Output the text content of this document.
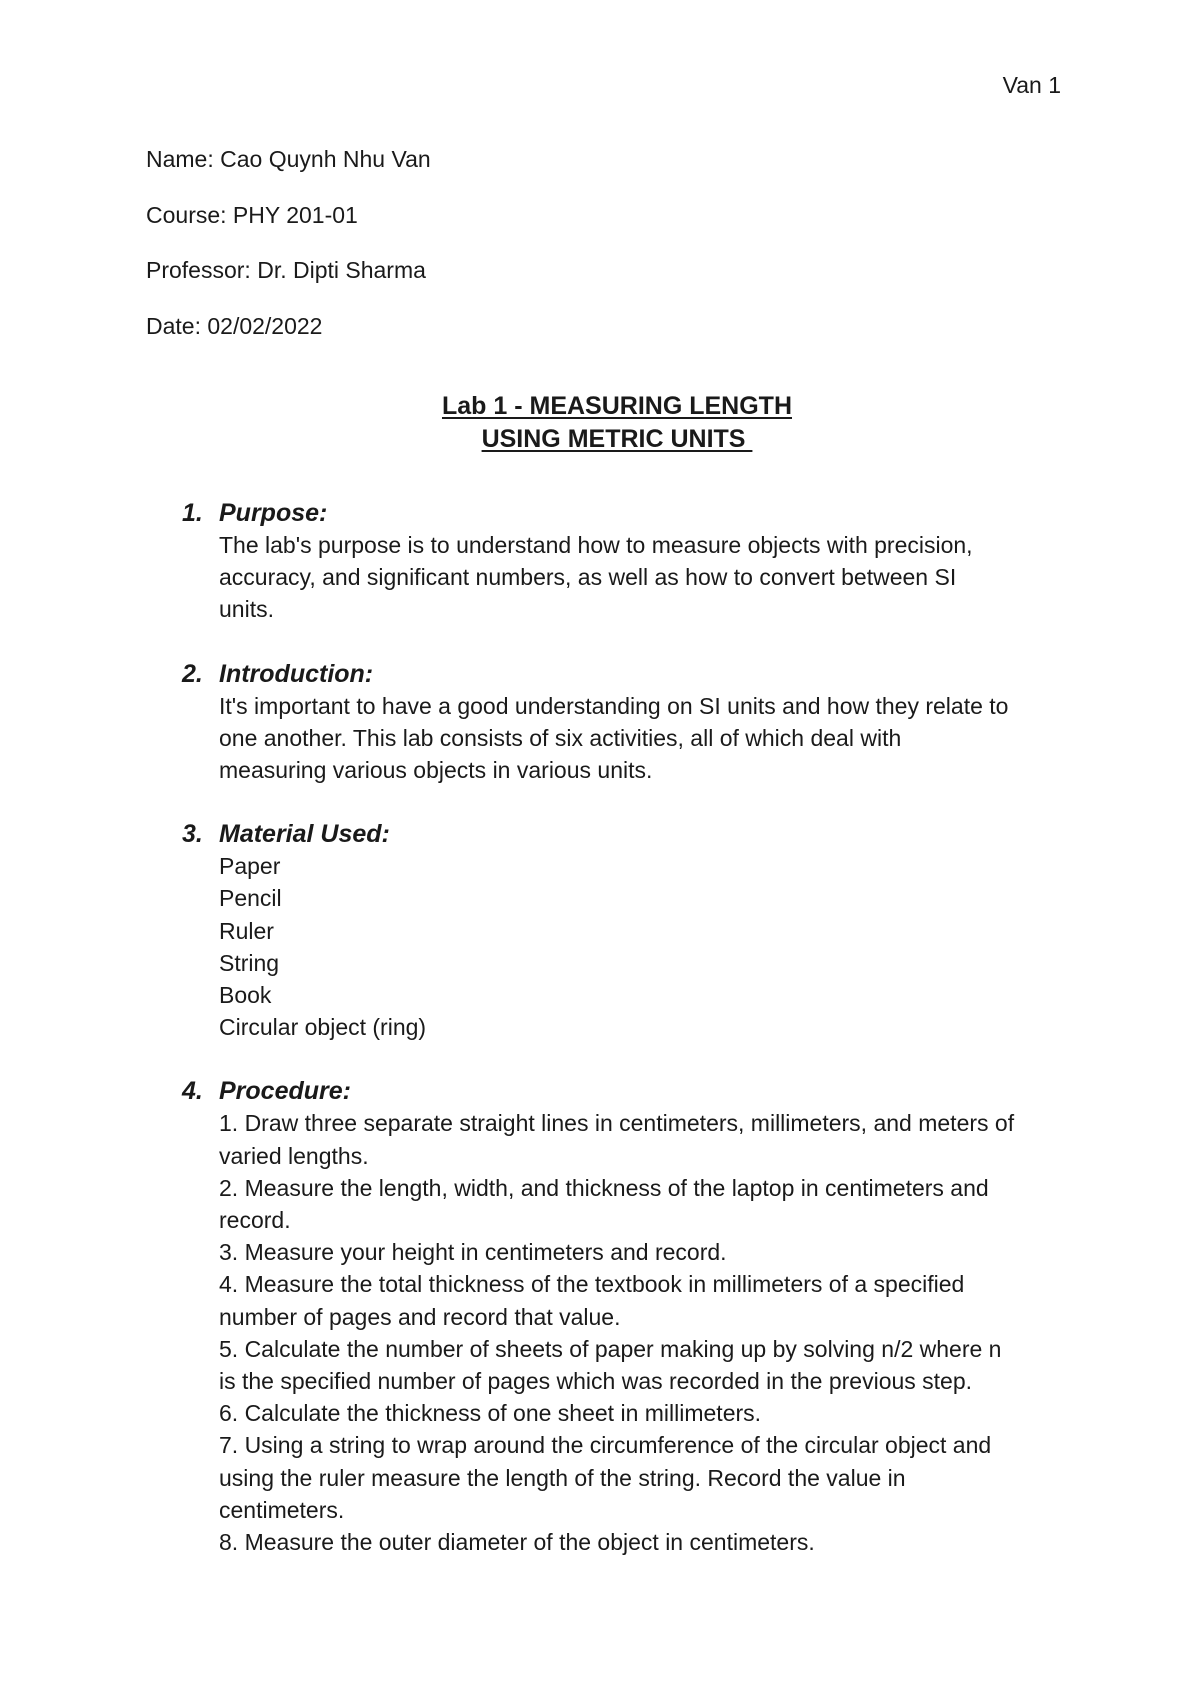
Van 1
Name: Cao Quynh Nhu Van
Course: PHY 201-01
Professor: Dr. Dipti Sharma
Date: 02/02/2022
Lab 1 - MEASURING LENGTH
USING METRIC UNITS
1. Purpose:
The lab's purpose is to understand how to measure objects with precision,
accuracy, and significant numbers, as well as how to convert between SI
units.
2. Introduction:
It's important to have a good understanding on SI units and how they relate to
one another. This lab consists of six activities, all of which deal with
measuring various objects in various units.
3. Material Used:
Paper
Pencil
Ruler
String
Book
Circular object (ring)
4. Procedure:
1. Draw three separate straight lines in centimeters, millimeters, and meters of
varied lengths.
2. Measure the length, width, and thickness of the laptop in centimeters and
record.
3. Measure your height in centimeters and record.
4. Measure the total thickness of the textbook in millimeters of a specified
number of pages and record that value.
5. Calculate the number of sheets of paper making up by solving n/2 where n
is the specified number of pages which was recorded in the previous step.
6. Calculate the thickness of one sheet in millimeters.
7. Using a string to wrap around the circumference of the circular object and
using the ruler measure the length of the string. Record the value in
centimeters.
8. Measure the outer diameter of the object in centimeters.
